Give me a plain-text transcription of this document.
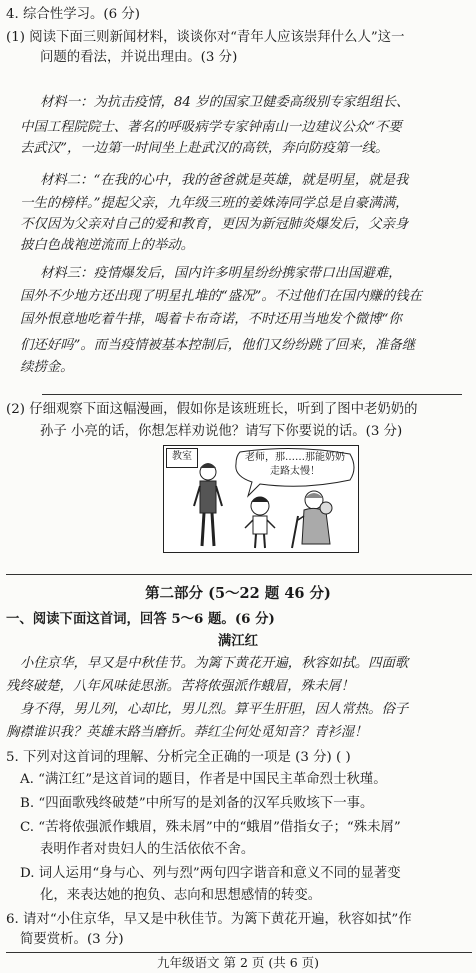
4. 综合性学习。(6 分)
(1) 阅读下面三则新闻材料，谈谈你对“青年人应该崇拜什么人”这一
问题的看法，并说出理由。(3 分)
材料一：为抗击疫情，84 岁的国家卫健委高级别专家组组长、
中国工程院院士、著名的呼吸病学专家钟南山一边建议公众“不要
去武汉”，一边第一时间坐上赴武汉的高铁，奔向防疫第一线。
材料二：“在我的心中，我的爸爸就是英雄，就是明星，就是我
一生的榜样。”提起父亲，九年级三班的姜姝涛同学总是自豪满满，
不仅因为父亲对自己的爱和教育，更因为新冠肺炎爆发后，父亲身
披白色战袍逆流而上的举动。
材料三：疫情爆发后，国内许多明星纷纷携家带口出国避难，
国外不少地方还出现了明星扎堆的“盛况”。不过他们在国内赚的钱在
国外恨意地吃着牛排，喝着卡布奇诺，不时还用当地发个微博“你
们还好吗”。而当疫情被基本控制后，他们又纷纷跳了回来，准备继
续捞金。
(2) 仔细观察下面这幅漫画，假如你是该班班长，听到了图中老奶奶的
孙子 小亮的话，你想怎样劝说他？请写下你要说的话。(3 分)
教室	老师，那……那能奶奶
走路太慢！
第二部分 (5～22 题 46 分)
一、阅读下面这首词，回答 5～6 题。(6 分)
满江红
小住京华，早又是中秋佳节。为篱下黄花开遍，秋容如拭。四面歌
残终破楚，八年风味徒思浙。苦将侬强派作蛾眉，殊未屑！
身不得，男儿列，心却比，男儿烈。算平生肝胆，因人常热。俗子
胸襟谁识我？英雄末路当磨折。莽红尘何处觅知音？青衫湿！
5. 下列对这首词的理解、分析完全正确的一项是 (3 分) ( )
A. “满江红”是这首词的题目，作者是中国民主革命烈士秋瑾。
B. “四面歌残终破楚”中所写的是刘备的汉军兵败垓下一事。
C. “苦将侬强派作蛾眉，殊未屑”中的“蛾眉”借指女子；“殊未屑”
表明作者对贵妇人的生活依依不舍。
D. 词人运用“身与心、列与烈”两句四字谐音和意义不同的显著变
化，来表达她的抱负、志向和思想感情的转变。
6. 请对“小住京华，早又是中秋佳节。为篱下黄花开遍，秋容如拭”作
简要赏析。(3 分)
九年级语文 第 2 页 (共 6 页)
